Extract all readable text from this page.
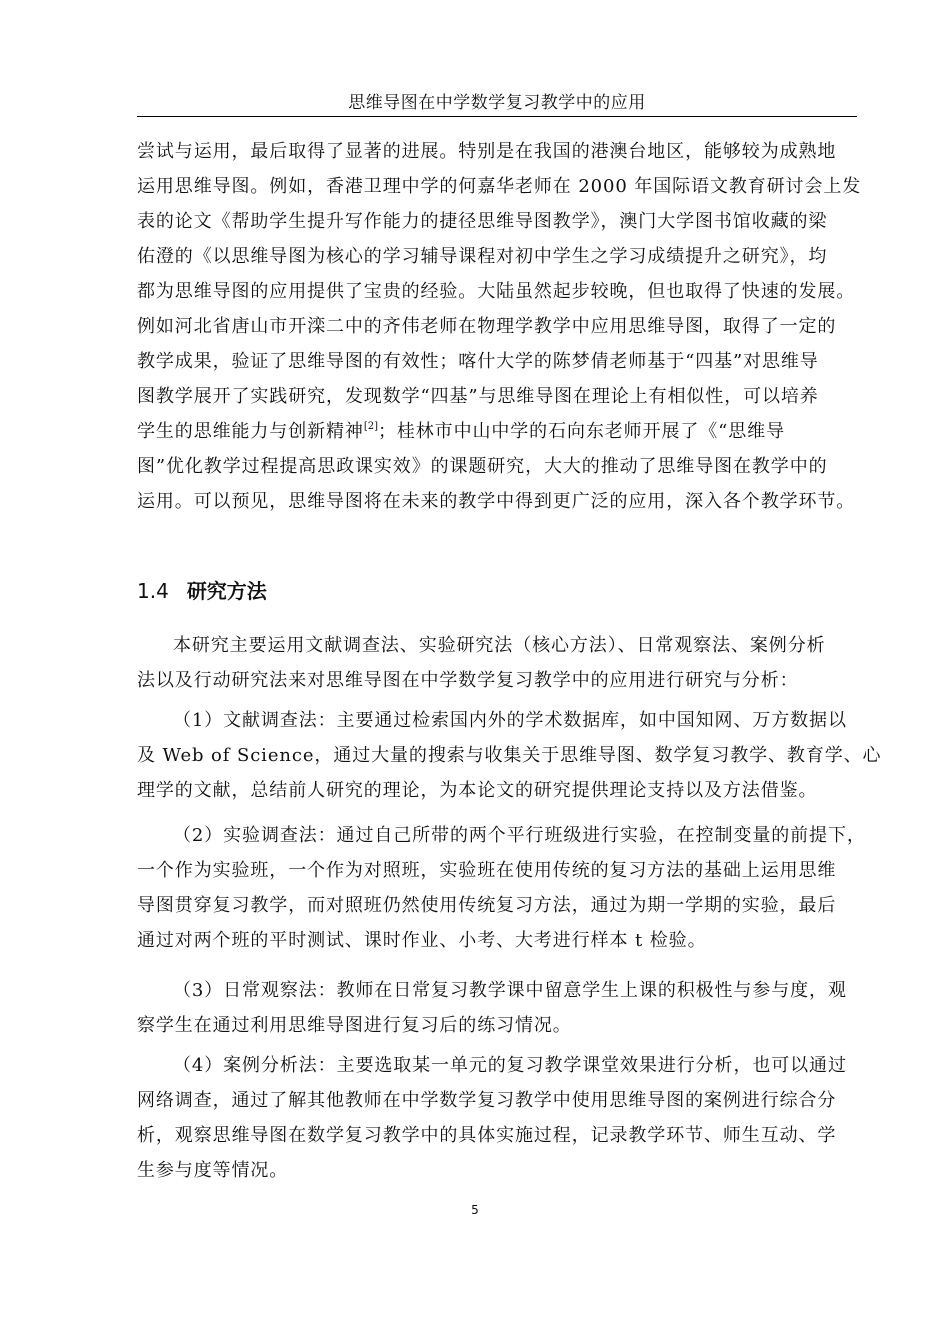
思维导图在中学数学复习教学中的应用
尝试与运用，最后取得了显著的进展。特别是在我国的港澳台地区，能够较为成熟地
运用思维导图。例如，香港卫理中学的何嘉华老师在 2000 年国际语文教育研讨会上发
表的论文《帮助学生提升写作能力的捷径思维导图教学》，澳门大学图书馆收藏的梁
佑澄的《以思维导图为核心的学习辅导课程对初中学生之学习成绩提升之研究》，均
都为思维导图的应用提供了宝贵的经验。大陆虽然起步较晚，但也取得了快速的发展。
例如河北省唐山市开滦二中的齐伟老师在物理学教学中应用思维导图，取得了一定的
教学成果，验证了思维导图的有效性；喀什大学的陈梦倩老师基于“四基”对思维导
图教学展开了实践研究，发现数学“四基”与思维导图在理论上有相似性，可以培养
学生的思维能力与创新精神[2]；桂林市中山中学的石向东老师开展了《“思维导
图”优化教学过程提高思政课实效》的课题研究，大大的推动了思维导图在教学中的
运用。可以预见，思维导图将在未来的教学中得到更广泛的应用，深入各个教学环节。
1.4 研究方法
本研究主要运用文献调查法、实验研究法（核心方法）、日常观察法、案例分析
法以及行动研究法来对思维导图在中学数学复习教学中的应用进行研究与分析：
（1）文献调查法：主要通过检索国内外的学术数据库，如中国知网、万方数据以
及 Web of Science，通过大量的搜索与收集关于思维导图、数学复习教学、教育学、心
理学的文献，总结前人研究的理论，为本论文的研究提供理论支持以及方法借鉴。
（2）实验调查法：通过自己所带的两个平行班级进行实验，在控制变量的前提下，
一个作为实验班，一个作为对照班，实验班在使用传统的复习方法的基础上运用思维
导图贯穿复习教学，而对照班仍然使用传统复习方法，通过为期一学期的实验，最后
通过对两个班的平时测试、课时作业、小考、大考进行样本 t 检验。
（3）日常观察法：教师在日常复习教学课中留意学生上课的积极性与参与度，观
察学生在通过利用思维导图进行复习后的练习情况。
（4）案例分析法：主要选取某一单元的复习教学课堂效果进行分析，也可以通过
网络调查，通过了解其他教师在中学数学复习教学中使用思维导图的案例进行综合分
析，观察思维导图在数学复习教学中的具体实施过程，记录教学环节、师生互动、学
生参与度等情况。
5
